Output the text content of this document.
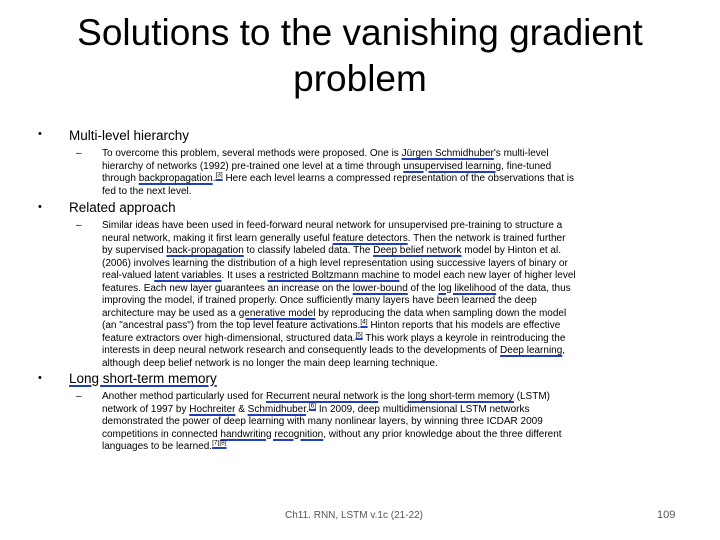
Solutions to the vanishing gradient problem
• Multi-level hierarchy
– To overcome this problem, several methods were proposed. One is Jürgen Schmidhuber's multi-level
hierarchy of networks (1992) pre-trained one level at a time through unsupervised learning, fine-tuned
through backpropagation.[3] Here each level learns a compressed representation of the observations that is
fed to the next level.
• Related approach
– Similar ideas have been used in feed-forward neural network for unsupervised pre-training to structure a
neural network, making it first learn generally useful feature detectors. Then the network is trained further
by supervised back-propagation to classify labeled data. The Deep belief network model by Hinton et al.
(2006) involves learning the distribution of a high level representation using successive layers of binary or
real-valued latent variables. It uses a restricted Boltzmann machine to model each new layer of higher level
features. Each new layer guarantees an increase on the lower-bound of the log likelihood of the data, thus
improving the model, if trained properly. Once sufficiently many layers have been learned the deep
architecture may be used as a generative model by reproducing the data when sampling down the model
(an "ancestral pass") from the top level feature activations.[4] Hinton reports that his models are effective
feature extractors over high-dimensional, structured data.[5] This work plays a keyrole in reintroducing the
interests in deep neural network research and consequently leads to the developments of Deep learning,
although deep belief network is no longer the main deep learning technique.
• Long short-term memory
– Another method particularly used for Recurrent neural network is the long short-term memory (LSTM)
network of 1997 by Hochreiter & Schmidhuber.[6] In 2009, deep multidimensional LSTM networks
demonstrated the power of deep learning with many nonlinear layers, by winning three ICDAR 2009
competitions in connected handwriting recognition, without any prior knowledge about the three different
languages to be learned.[7][8]
Ch11. RNN, LSTM v.1c (21-22)	109
